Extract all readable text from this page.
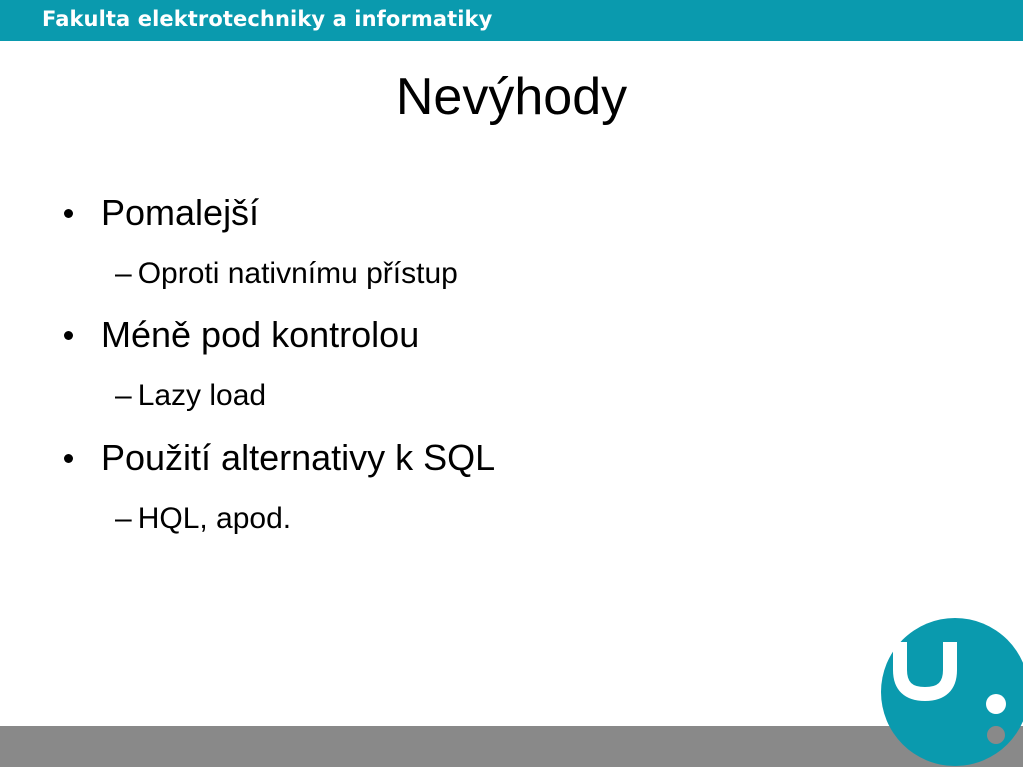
Fakulta elektrotechniky a informatiky
Nevýhody
Pomalejší
– Oproti nativnímu přístup
Méně pod kontrolou
– Lazy load
Použití alternativy k SQL
– HQL, apod.
